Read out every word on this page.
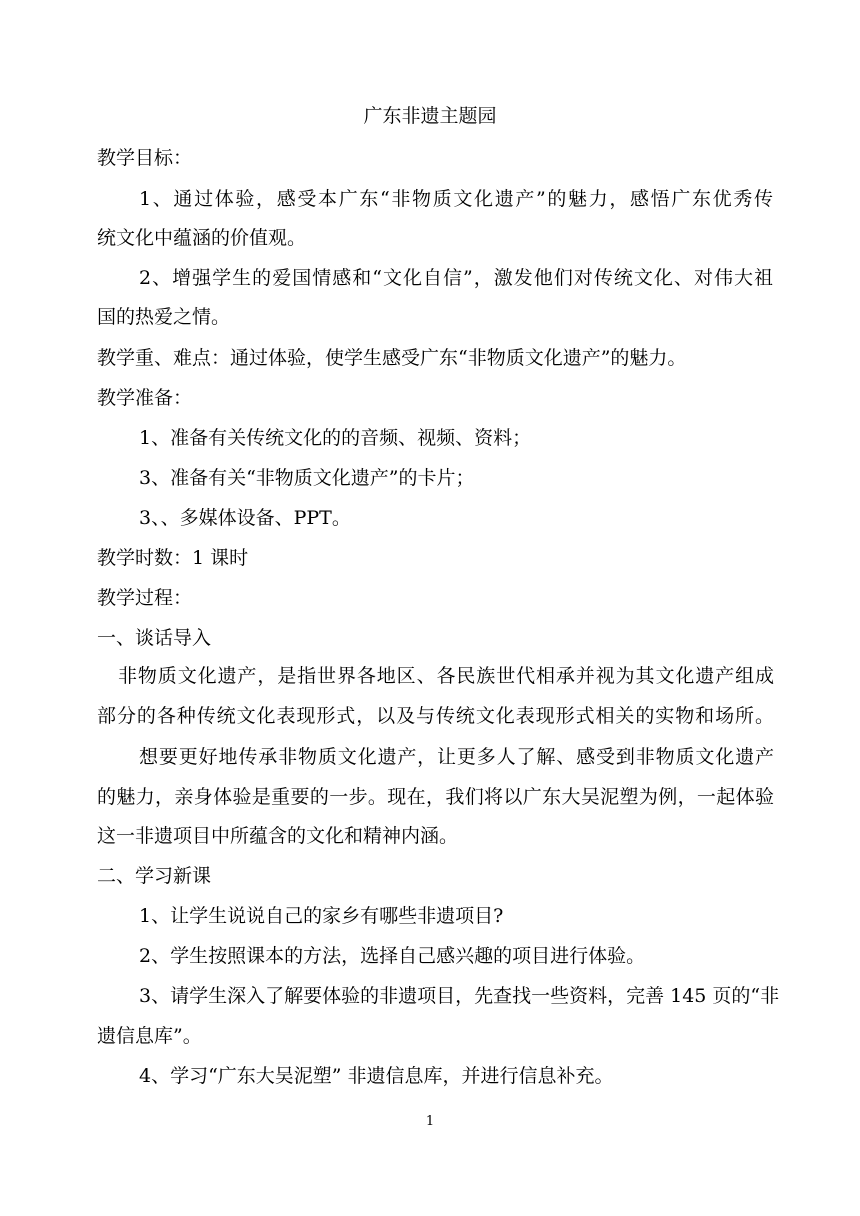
广东非遗主题园
教学目标：
1、通过体验，感受本广东“非物质文化遗产”的魅力，感悟广东优秀传
统文化中蕴涵的价值观。
2、增强学生的爱国情感和“文化自信”，激发他们对传统文化、对伟大祖
国的热爱之情。
教学重、难点：通过体验，使学生感受广东“非物质文化遗产”的魅力。
教学准备：
1、准备有关传统文化的的音频、视频、资料；
3、准备有关“非物质文化遗产”的卡片；
3、、多媒体设备、PPT。
教学时数：1 课时
教学过程：
一、谈话导入
非物质文化遗产，是指世界各地区、各民族世代相承并视为其文化遗产组成
部分的各种传统文化表现形式，以及与传统文化表现形式相关的实物和场所。
想要更好地传承非物质文化遗产，让更多人了解、感受到非物质文化遗产
的魅力，亲身体验是重要的一步。现在，我们将以广东大吴泥塑为例，一起体验
这一非遗项目中所蕴含的文化和精神内涵。
二、学习新课
1、让学生说说自己的家乡有哪些非遗项目?
2、学生按照课本的方法，选择自己感兴趣的项目进行体验。
3、请学生深入了解要体验的非遗项目，先查找一些资料，完善 145 页的“非
遗信息库”。
4、学习“广东大吴泥塑” 非遗信息库，并进行信息补充。
1
